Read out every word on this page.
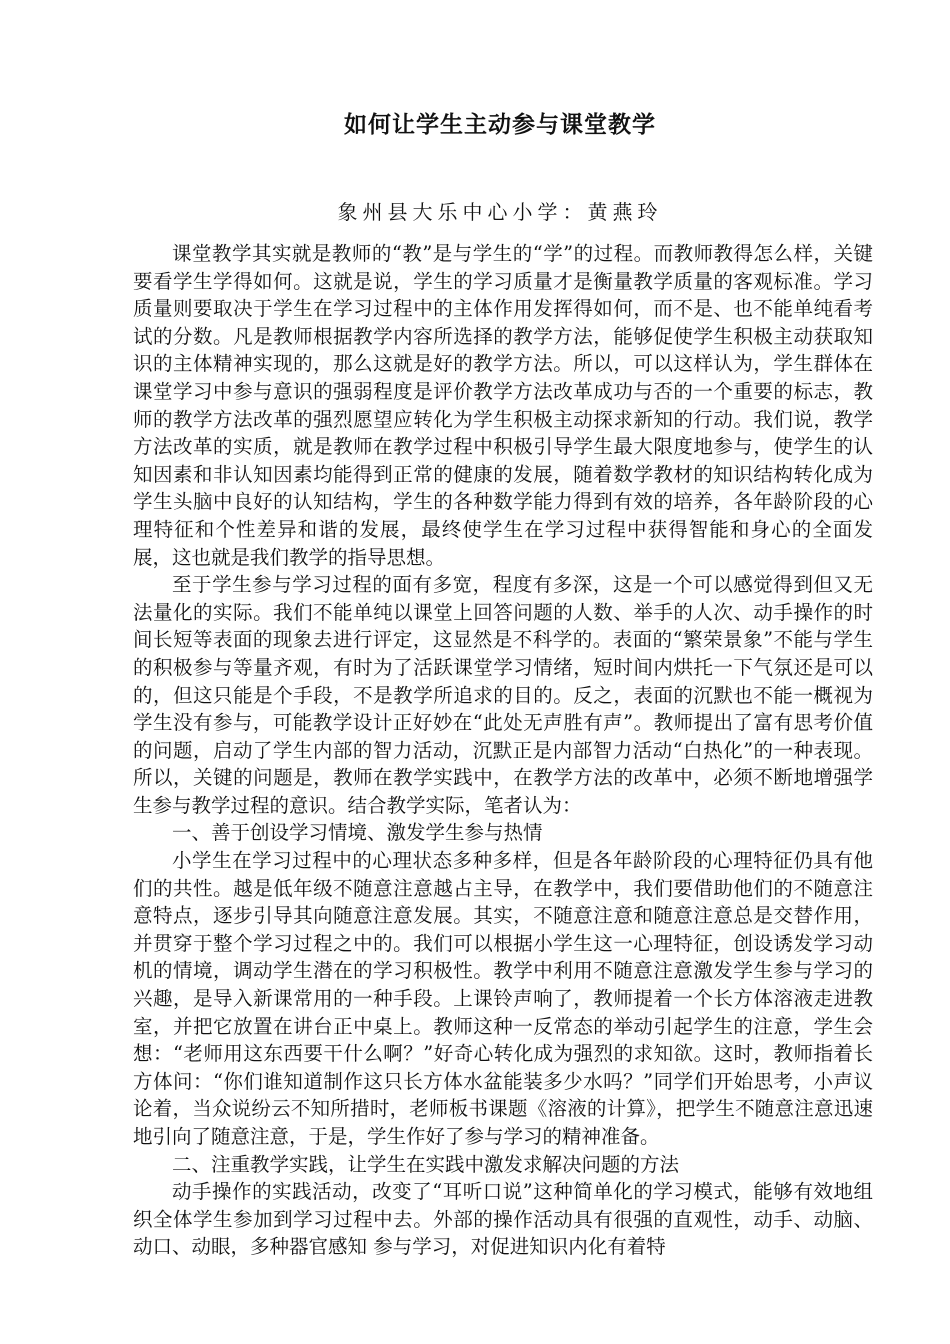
如何让学生主动参与课堂教学
象州县大乐中心小学：黄燕玲

课堂教学其实就是教师的“教”是与学生的“学”的过程。而教师教得怎么样，关键要看学生学得如何。这就是说，学生的学习质量才是衡量教学质量的客观标准。学习质量则要取决于学生在学习过程中的主体作用发挥得如何，而不是、也不能单纯看考试的分数。凡是教师根据教学内容所选择的教学方法，能够促使学生积极主动获取知识的主体精神实现的，那么这就是好的教学方法。所以，可以这样认为，学生群体在课堂学习中参与意识的强弱程度是评价教学方法改革成功与否的一个重要的标志，教师的教学方法改革的强烈愿望应转化为学生积极主动探求新知的行动。我们说，教学方法改革的实质，就是教师在教学过程中积极引导学生最大限度地参与，使学生的认知因素和非认知因素均能得到正常的健康的发展，随着数学教材的知识结构转化成为学生头脑中良好的认知结构，学生的各种数学能力得到有效的培养，各年龄阶段的心理特征和个性差异和谐的发展，最终使学生在学习过程中获得智能和身心的全面发展，这也就是我们教学的指导思想。

至于学生参与学习过程的面有多宽，程度有多深，这是一个可以感觉得到但又无法量化的实际。我们不能单纯以课堂上回答问题的人数、举手的人次、动手操作的时间长短等表面的现象去进行评定，这显然是不科学的。表面的“繁荣景象”不能与学生的积极参与等量齐观，有时为了活跃课堂学习情绪，短时间内烘托一下气氛还是可以的，但这只能是个手段，不是教学所追求的目的。反之，表面的沉默也不能一概视为学生没有参与，可能教学设计正好妙在“此处无声胜有声”。教师提出了富有思考价值的问题，启动了学生内部的智力活动，沉默正是内部智力活动“白热化”的一种表现。所以，关键的问题是，教师在教学实践中，在教学方法的改革中，必须不断地增强学生参与教学过程的意识。结合教学实际，笔者认为：

一、善于创设学习情境、激发学生参与热情

小学生在学习过程中的心理状态多种多样，但是各年龄阶段的心理特征仍具有他们的共性。越是低年级不随意注意越占主导，在教学中，我们要借助他们的不随意注意特点，逐步引导其向随意注意发展。其实，不随意注意和随意注意总是交替作用，并贯穿于整个学习过程之中的。我们可以根据小学生这一心理特征，创设诱发学习动机的情境，调动学生潜在的学习积极性。教学中利用不随意注意激发学生参与学习的兴趣，是导入新课常用的一种手段。上课铃声响了，教师提着一个长方体溶液走进教室，并把它放置在讲台正中桌上。教师这种一反常态的举动引起学生的注意，学生会想：“老师用这东西要干什么啊？”好奇心转化成为强烈的求知欲。这时，教师指着长方体问：“你们谁知道制作这只长方体水盆能装多少水吗？”同学们开始思考，小声议论着，当众说纷云不知所措时，老师板书课题《溶液的计算》，把学生不随意注意迅速地引向了随意注意，于是，学生作好了参与学习的精神准备。

二、注重教学实践，让学生在实践中激发求解决问题的方法

动手操作的实践活动，改变了“耳听口说”这种简单化的学习模式，能够有效地组织全体学生参加到学习过程中去。外部的操作活动具有很强的直观性，动手、动脑、动口、动眼，多种器官感知 参与学习，对促进知识内化有着特
